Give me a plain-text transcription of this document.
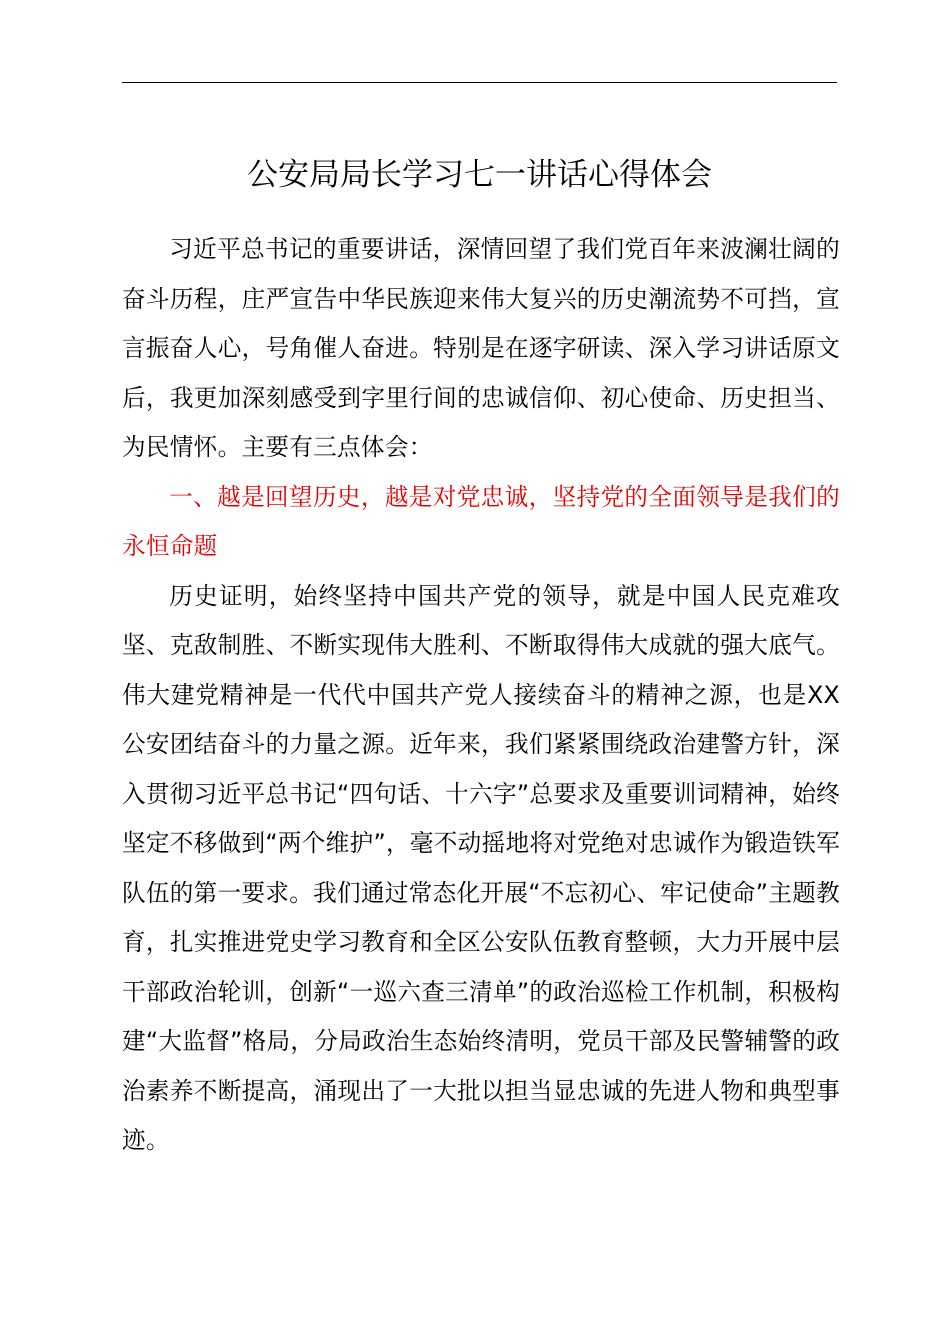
公安局局长学习七一讲话心得体会

习近平总书记的重要讲话，深情回望了我们党百年来波澜壮阔的奋斗历程，庄严宣告中华民族迎来伟大复兴的历史潮流势不可挡，宣言振奋人心，号角催人奋进。特别是在逐字研读、深入学习讲话原文后，我更加深刻感受到字里行间的忠诚信仰、初心使命、历史担当、为民情怀。主要有三点体会：

一、越是回望历史，越是对党忠诚，坚持党的全面领导是我们的永恒命题

历史证明，始终坚持中国共产党的领导，就是中国人民克难攻坚、克敌制胜、不断实现伟大胜利、不断取得伟大成就的强大底气。伟大建党精神是一代代中国共产党人接续奋斗的精神之源，也是XX公安团结奋斗的力量之源。近年来，我们紧紧围绕政治建警方针，深入贯彻习近平总书记“四句话、十六字”总要求及重要训词精神，始终坚定不移做到“两个维护”，毫不动摇地将对党绝对忠诚作为锻造铁军队伍的第一要求。我们通过常态化开展“不忘初心、牢记使命”主题教育，扎实推进党史学习教育和全区公安队伍教育整顿，大力开展中层干部政治轮训，创新“一巡六查三清单”的政治巡检工作机制，积极构建“大监督”格局，分局政治生态始终清明，党员干部及民警辅警的政治素养不断提高，涌现出了一大批以担当显忠诚的先进人物和典型事迹。
